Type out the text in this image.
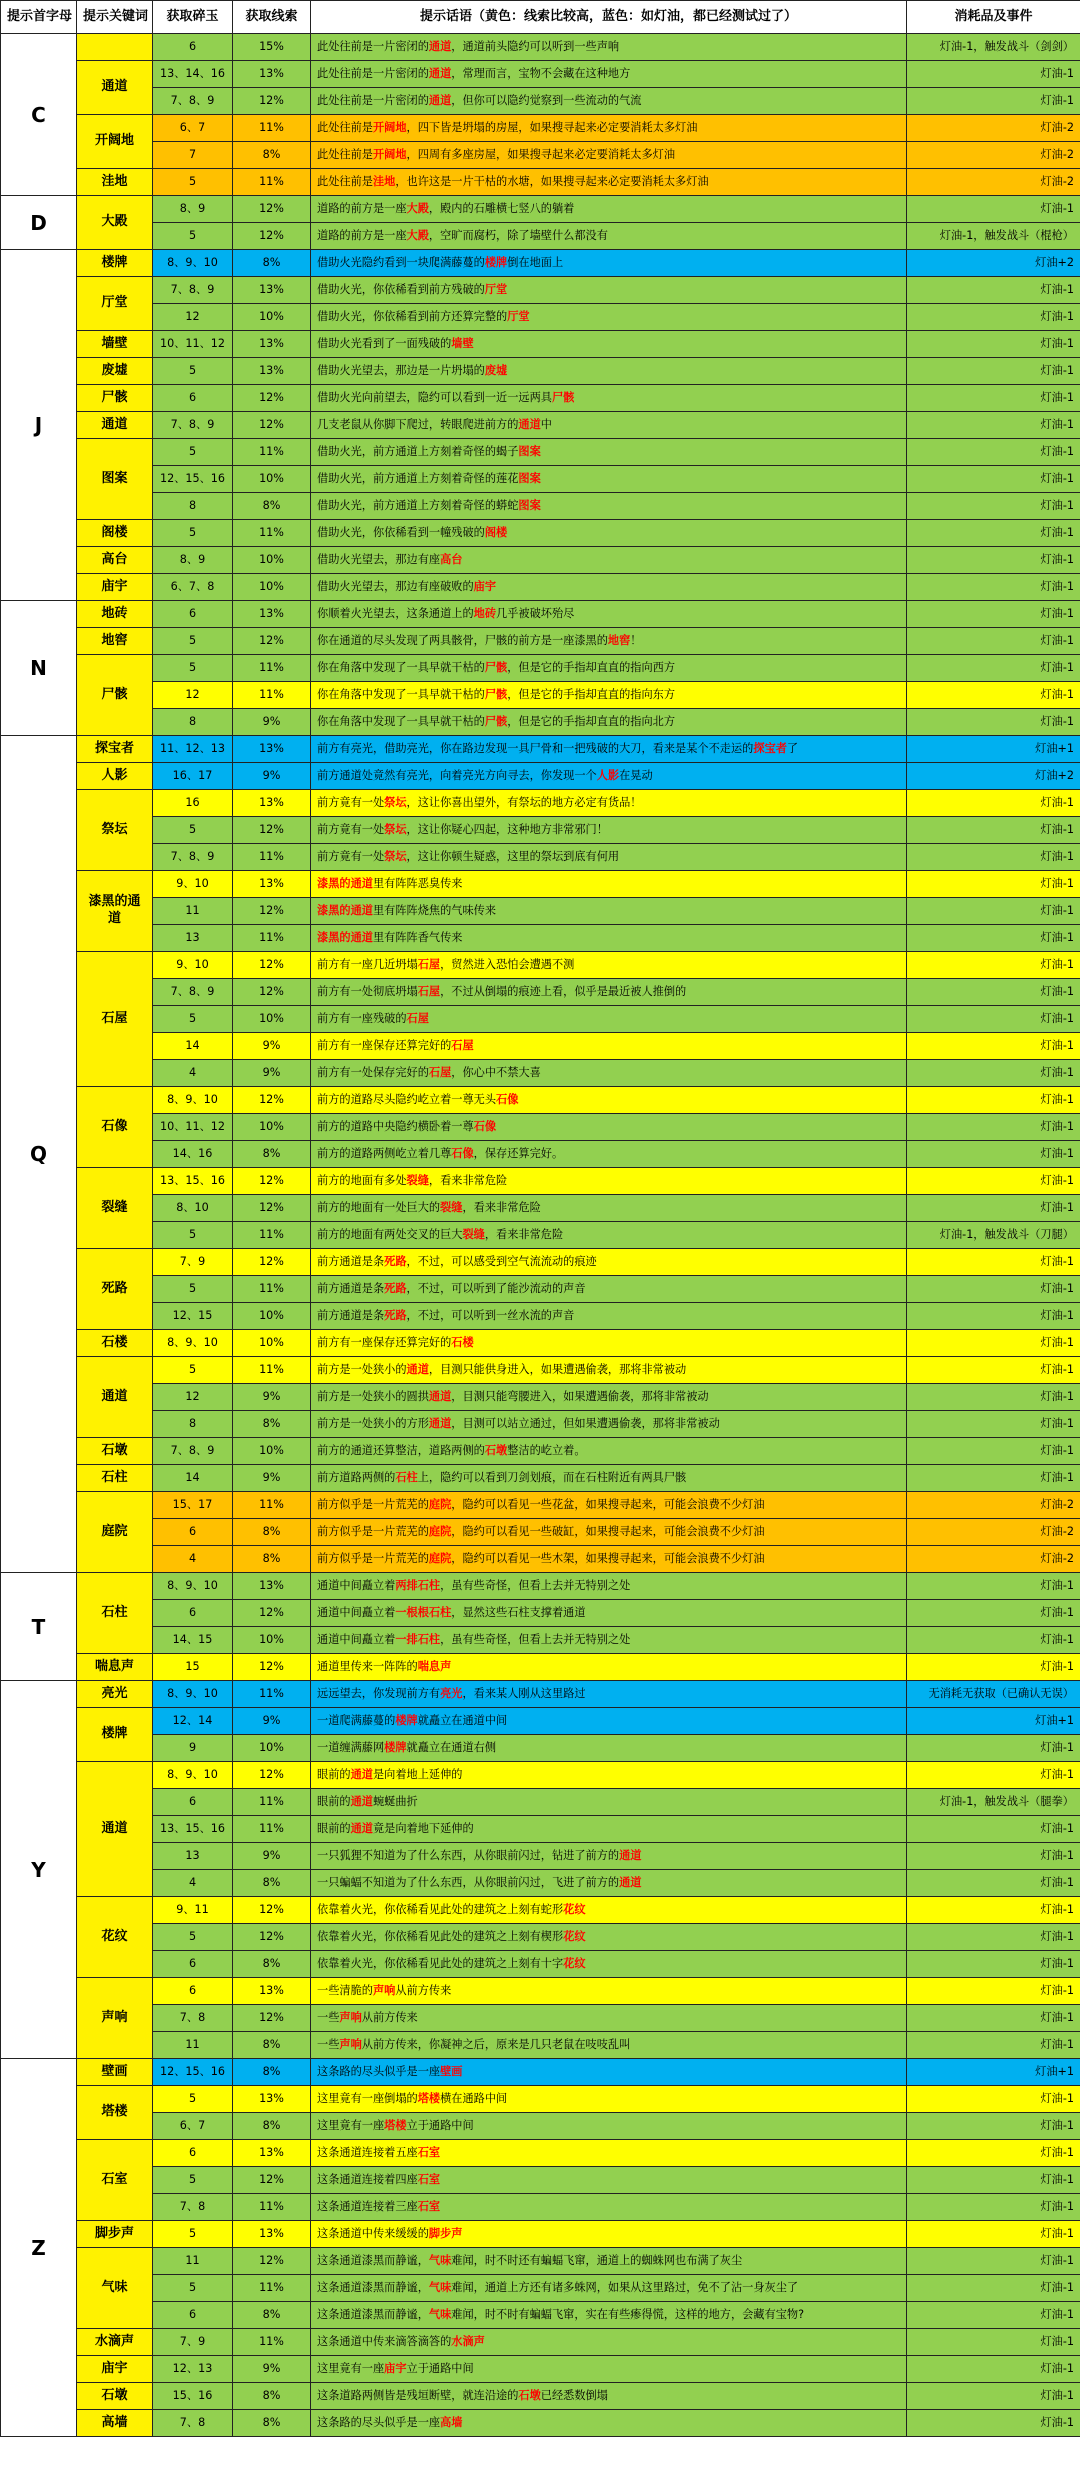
提示首字母	提示关键词	获取碎玉	获取线索	提示话语（黄色：线索比较高，蓝色：如灯油，都已经测试过了）	消耗品及事件
C		6	15%	此处往前是一片密闭的通道，通道前头隐约可以听到一些声响	灯油-1，触发战斗（剑剑）
	通道	13、14、16	13%	此处往前是一片密闭的通道，常理而言，宝物不会藏在这种地方	灯油-1
		7、8、9	12%	此处往前是一片密闭的通道，但你可以隐约觉察到一些流动的气流	灯油-1
	开阔地	6、7	11%	此处往前是开阔地，四下皆是坍塌的房屋，如果搜寻起来必定要消耗太多灯油	灯油-2
		7	8%	此处往前是开阔地，四周有多座房屋，如果搜寻起来必定要消耗太多灯油	灯油-2
	洼地	5	11%	此处往前是洼地，也许这是一片干枯的水塘，如果搜寻起来必定要消耗太多灯油	灯油-2
D	大殿	8、9	12%	道路的前方是一座大殿，殿内的石雕横七竖八的躺着	灯油-1
		5	12%	道路的前方是一座大殿，空旷而腐朽，除了墙壁什么都没有	灯油-1，触发战斗（棍枪）
J	楼牌	8、9、10	8%	借助火光隐约看到一块爬满藤蔓的楼牌倒在地面上	灯油+2
	厅堂	7、8、9	13%	借助火光，你依稀看到前方残破的厅堂	灯油-1
		12	10%	借助火光，你依稀看到前方还算完整的厅堂	灯油-1
	墙壁	10、11、12	13%	借助火光看到了一面残破的墙壁	灯油-1
	废墟	5	13%	借助火光望去，那边是一片坍塌的废墟	灯油-1
	尸骸	6	12%	借助火光向前望去，隐约可以看到一近一远两具尸骸	灯油-1
	通道	7、8、9	12%	几支老鼠从你脚下爬过，转眼爬进前方的通道中	灯油-1
	图案	5	11%	借助火光，前方通道上方刻着奇怪的蝎子图案	灯油-1
		12、15、16	10%	借助火光，前方通道上方刻着奇怪的莲花图案	灯油-1
		8	8%	借助火光，前方通道上方刻着奇怪的蟒蛇图案	灯油-1
	阁楼	5	11%	借助火光，你依稀看到一幢残破的阁楼	灯油-1
	高台	8、9	10%	借助火光望去，那边有座高台	灯油-1
	庙宇	6、7、8	10%	借助火光望去，那边有座破败的庙宇	灯油-1
N	地砖	6	13%	你顺着火光望去，这条通道上的地砖几乎被破坏殆尽	灯油-1
	地窖	5	12%	你在通道的尽头发现了两具骸骨，尸骸的前方是一座漆黑的地窖！	灯油-1
	尸骸	5	11%	你在角落中发现了一具早就干枯的尸骸，但是它的手指却直直的指向西方	灯油-1
		12	11%	你在角落中发现了一具早就干枯的尸骸，但是它的手指却直直的指向东方	灯油-1
		8	9%	你在角落中发现了一具早就干枯的尸骸，但是它的手指却直直的指向北方	灯油-1
Q	探宝者	11、12、13	13%	前方有亮光，借助亮光，你在路边发现一具尸骨和一把残破的大刀，看来是某个不走运的探宝者了	灯油+1
	人影	16、17	9%	前方通道处竟然有亮光，向着亮光方向寻去，你发现一个人影在晃动	灯油+2
	祭坛	16	13%	前方竟有一处祭坛，这让你喜出望外，有祭坛的地方必定有货品！	灯油-1
		5	12%	前方竟有一处祭坛，这让你疑心四起，这种地方非常邪门！	灯油-1
		7、8、9	11%	前方竟有一处祭坛，这让你顿生疑惑，这里的祭坛到底有何用	灯油-1
	漆黑的通道	9、10	13%	漆黑的通道里有阵阵恶臭传来	灯油-1
		11	12%	漆黑的通道里有阵阵烧焦的气味传来	灯油-1
		13	11%	漆黑的通道里有阵阵香气传来	灯油-1
	石屋	9、10	12%	前方有一座几近坍塌石屋，贸然进入恐怕会遭遇不测	灯油-1
		7、8、9	12%	前方有一处彻底坍塌石屋，不过从倒塌的痕迹上看，似乎是最近被人推倒的	灯油-1
		5	10%	前方有一座残破的石屋	灯油-1
		14	9%	前方有一座保存还算完好的石屋	灯油-1
		4	9%	前方有一处保存完好的石屋，你心中不禁大喜	灯油-1
	石像	8、9、10	12%	前方的道路尽头隐约屹立着一尊无头石像	灯油-1
		10、11、12	10%	前方的道路中央隐约横卧着一尊石像	灯油-1
		14、16	8%	前方的道路两侧屹立着几尊石像，保存还算完好。	灯油-1
	裂缝	13、15、16	12%	前方的地面有多处裂缝，看来非常危险	灯油-1
		8、10	12%	前方的地面有一处巨大的裂缝，看来非常危险	灯油-1
		5	11%	前方的地面有两处交叉的巨大裂缝，看来非常危险	灯油-1，触发战斗（刀腿）
	死路	7、9	12%	前方通道是条死路，不过，可以感受到空气流流动的痕迹	灯油-1
		5	11%	前方通道是条死路，不过，可以听到了能沙流动的声音	灯油-1
		12、15	10%	前方通道是条死路，不过，可以听到一丝水流的声音	灯油-1
	石楼	8、9、10	10%	前方有一座保存还算完好的石楼	灯油-1
	通道	5	11%	前方是一处狭小的通道，目测只能供身进入，如果遭遇偷袭，那将非常被动	灯油-1
		12	9%	前方是一处狭小的圆拱通道，目测只能弯腰进入，如果遭遇偷袭，那将非常被动	灯油-1
		8	8%	前方是一处狭小的方形通道，目测可以站立通过，但如果遭遇偷袭，那将非常被动	灯油-1
	石墩	7、8、9	10%	前方的通道还算整洁，道路两侧的石墩整洁的屹立着。	灯油-1
	石柱	14	9%	前方道路两侧的石柱上，隐约可以看到刀剑划痕，而在石柱附近有两具尸骸	灯油-1
	庭院	15、17	11%	前方似乎是一片荒芜的庭院，隐约可以看见一些花盆，如果搜寻起来，可能会浪费不少灯油	灯油-2
		6	8%	前方似乎是一片荒芜的庭院，隐约可以看见一些破缸，如果搜寻起来，可能会浪费不少灯油	灯油-2
		4	8%	前方似乎是一片荒芜的庭院，隐约可以看见一些木架，如果搜寻起来，可能会浪费不少灯油	灯油-2
T	石柱	8、9、10	13%	通道中间矗立着两排石柱，虽有些奇怪，但看上去并无特别之处	灯油-1
		6	12%	通道中间矗立着一根根石柱，显然这些石柱支撑着通道	灯油-1
		14、15	10%	通道中间矗立着一排石柱，虽有些奇怪，但看上去并无特别之处	灯油-1
	喘息声	15	12%	通道里传来一阵阵的喘息声	灯油-1
Y	亮光	8、9、10	11%	远远望去，你发现前方有亮光，看来某人刚从这里路过	无消耗无获取（已确认无误）
	楼牌	12、14	9%	一道爬满藤蔓的楼牌就矗立在通道中间	灯油+1
		9	10%	一道缠满藤网楼牌就矗立在通道右侧	灯油-1
	通道	8、9、10	12%	眼前的通道是向着地上延伸的	灯油-1
		6	11%	眼前的通道蜿蜒曲折	灯油-1，触发战斗（腿拳）
		13、15、16	11%	眼前的通道竟是向着地下延伸的	灯油-1
		13	9%	一只狐狸不知道为了什么东西，从你眼前闪过，钻进了前方的通道	灯油-1
		4	8%	一只蝙蝠不知道为了什么东西，从你眼前闪过，飞进了前方的通道	灯油-1
	花纹	9、11	12%	依靠着火光，你依稀看见此处的建筑之上刻有蛇形花纹	灯油-1
		5	12%	依靠着火光，你依稀看见此处的建筑之上刻有楔形花纹	灯油-1
		6	8%	依靠着火光，你依稀看见此处的建筑之上刻有十字花纹	灯油-1
	声响	6	13%	一些清脆的声响从前方传来	灯油-1
		7、8	12%	一些声响从前方传来	灯油-1
		11	8%	一些声响从前方传来，你凝神之后，原来是几只老鼠在吱吱乱叫	灯油-1
Z	壁画	12、15、16	8%	这条路的尽头似乎是一座壁画	灯油+1
	塔楼	5	13%	这里竟有一座倒塌的塔楼横在通路中间	灯油-1
		6、7	8%	这里竟有一座塔楼立于通路中间	灯油-1
	石室	6	13%	这条通道连接着五座石室	灯油-1
		5	12%	这条通道连接着四座石室	灯油-1
		7、8	11%	这条通道连接着三座石室	灯油-1
	脚步声	5	13%	这条通道中传来缓缓的脚步声	灯油-1
	气味	11	12%	这条通道漆黑而静谧，气味难闻，时不时还有蝙蝠飞窜，通道上的蜘蛛网也布满了灰尘	灯油-1
		5	11%	这条通道漆黑而静谧，气味难闻，通道上方还有诸多蛛网，如果从这里路过，免不了沾一身灰尘了	灯油-1
		6	8%	这条通道漆黑而静谧，气味难闻，时不时有蝙蝠飞窜，实在有些瘆得慌，这样的地方，会藏有宝物?	灯油-1
	水滴声	7、9	11%	这条通道中传来滴答滴答的水滴声	灯油-1
	庙宇	12、13	9%	这里竟有一座庙宇立于通路中间	灯油-1
	石墩	15、16	8%	这条道路两侧皆是残垣断壁，就连沿途的石墩已经悉数倒塌	灯油-1
	高墙	7、8	8%	这条路的尽头似乎是一座高墙	灯油-1
